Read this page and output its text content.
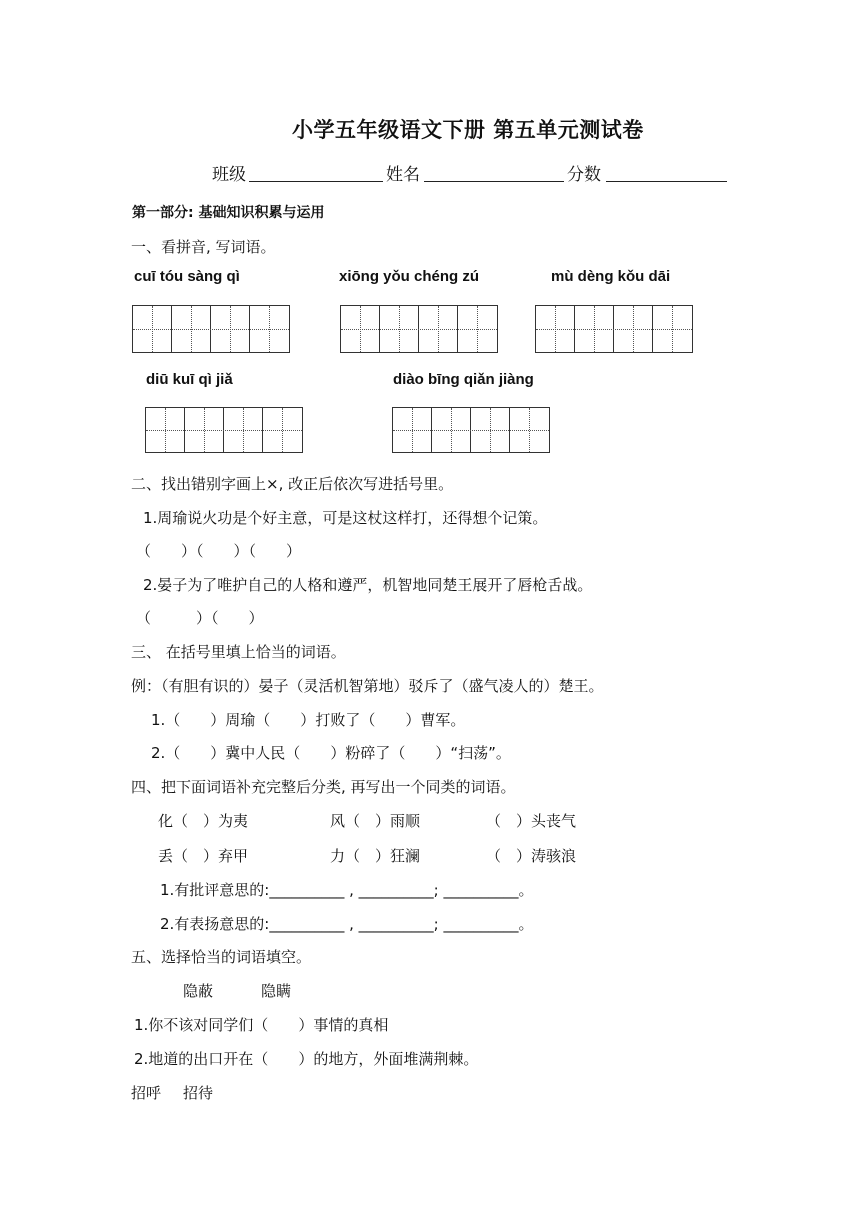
小学五年级语文下册 第五单元测试卷
班级	姓名	分数
第一部分: 基础知识积累与运用
一、看拼音, 写词语。
cuī tóu sàng qì	xiōng yǒu chéng zú	mù dèng kǒu dāi
diū kuī qì jiǎ	diào bīng qiǎn jiàng
二、找出错别字画上×, 改正后依次写进括号里。
1.周瑜说火功是个好主意，可是这杖这样打，还得想个记策。
（　　）（　　）（　　）
2.晏子为了唯护自己的人格和遵严，机智地同楚王展开了唇枪舌战。
（　　　）（　　）
三、 在括号里填上恰当的词语。
例：（有胆有识的）晏子（灵活机智第地）驳斥了（盛气凌人的）楚王。
1.（　　）周瑜（　　）打败了（　　）曹军。
2.（　　）冀中人民（　　）粉碎了（　　）“扫荡”。
四、把下面词语补充完整后分类, 再写出一个同类的词语。
化（　）为夷	风（　）雨顺	（　）头丧气
丢（　）弃甲	力（　）狂澜	（　）涛骇浪
1.有批评意思的:__________ , __________; __________。
2.有表扬意思的:__________ , __________; __________。
五、选择恰当的词语填空。
隐蔽	隐瞒
1.你不该对同学们（　　）事情的真相
2.地道的出口开在（　　）的地方，外面堆满荆棘。
招呼 招待
